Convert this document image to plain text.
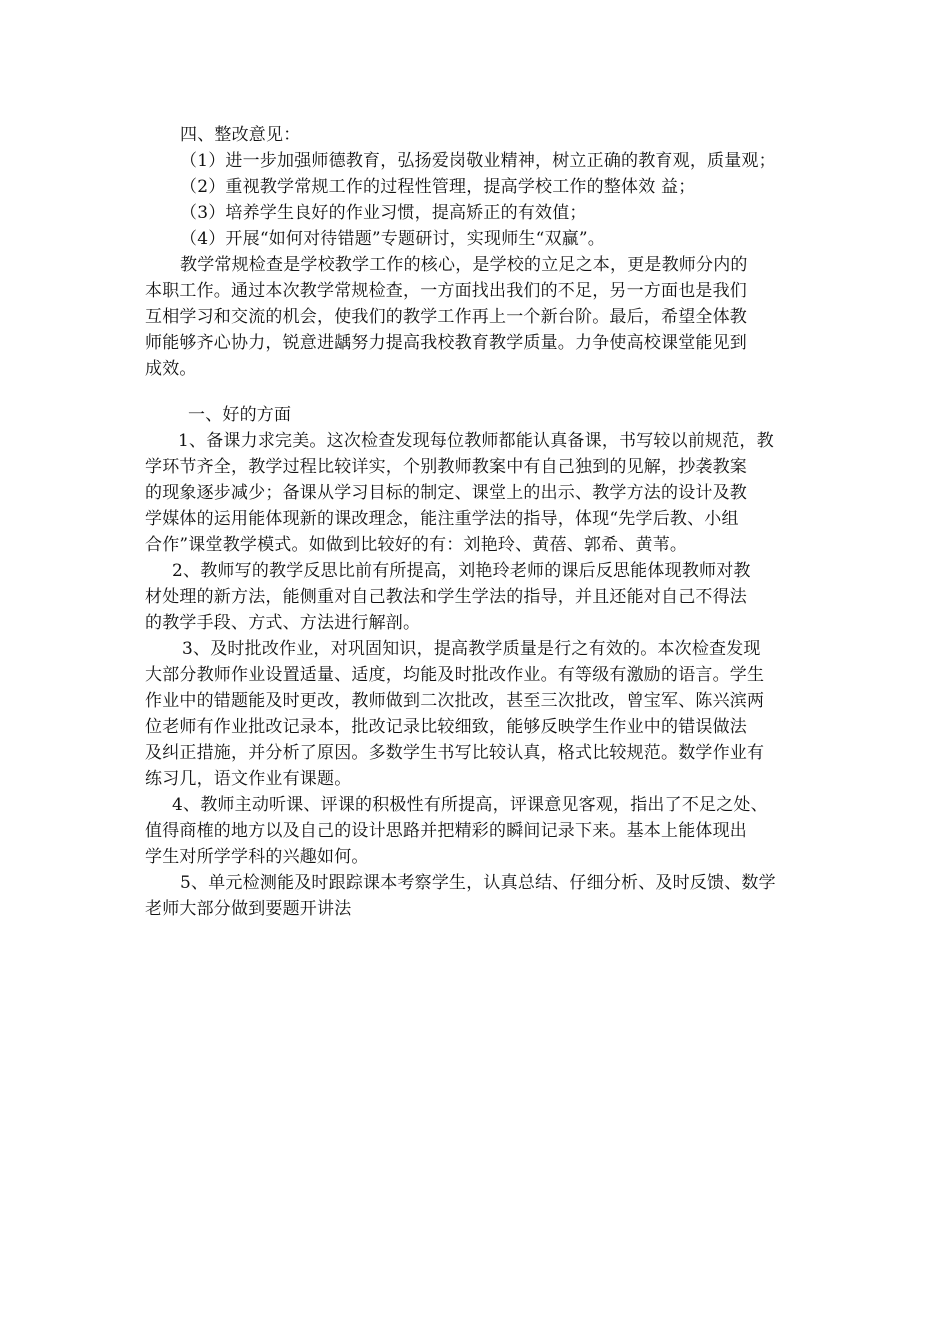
四、整改意见：
（1）进一步加强师德教育，弘扬爱岗敬业精神，树立正确的教育观，质量观；
（2）重视教学常规工作的过程性管理，提高学校工作的整体效 益；
（3）培养学生良好的作业习惯，提高矫正的有效值；
（4）开展“如何对待错题”专题研讨，实现师生“双赢”。
教学常规检查是学校教学工作的核心，是学校的立足之本，更是教师分内的
本职工作。通过本次教学常规检查，一方面找出我们的不足，另一方面也是我们
互相学习和交流的机会，使我们的教学工作再上一个新台阶。最后，希望全体教
师能够齐心协力，锐意进龋努力提高我校教育教学质量。力争使高校课堂能见到
成效。
一、好的方面
1、备课力求完美。这次检查发现每位教师都能认真备课，书写较以前规范，教
学环节齐全，教学过程比较详实，个别教师教案中有自己独到的见解，抄袭教案
的现象逐步减少；备课从学习目标的制定、课堂上的出示、教学方法的设计及教
学媒体的运用能体现新的课改理念，能注重学法的指导，体现“先学后教、小组
合作”课堂教学模式。如做到比较好的有：刘艳玲、黄蓓、郭希、黄苇。
2、教师写的教学反思比前有所提高，刘艳玲老师的课后反思能体现教师对教
材处理的新方法，能侧重对自己教法和学生学法的指导，并且还能对自己不得法
的教学手段、方式、方法进行解剖。
3、及时批改作业，对巩固知识，提高教学质量是行之有效的。本次检查发现
大部分教师作业设置适量、适度，均能及时批改作业。有等级有激励的语言。学生
作业中的错题能及时更改，教师做到二次批改，甚至三次批改，曾宝军、陈兴滨两
位老师有作业批改记录本，批改记录比较细致，能够反映学生作业中的错误做法
及纠正措施，并分析了原因。多数学生书写比较认真，格式比较规范。数学作业有
练习几，语文作业有课题。
4、教师主动听课、评课的积极性有所提高，评课意见客观，指出了不足之处、
值得商榷的地方以及自己的设计思路并把精彩的瞬间记录下来。基本上能体现出
学生对所学学科的兴趣如何。
5、单元检测能及时跟踪课本考察学生，认真总结、仔细分析、及时反馈、数学
老师大部分做到要题开讲法
